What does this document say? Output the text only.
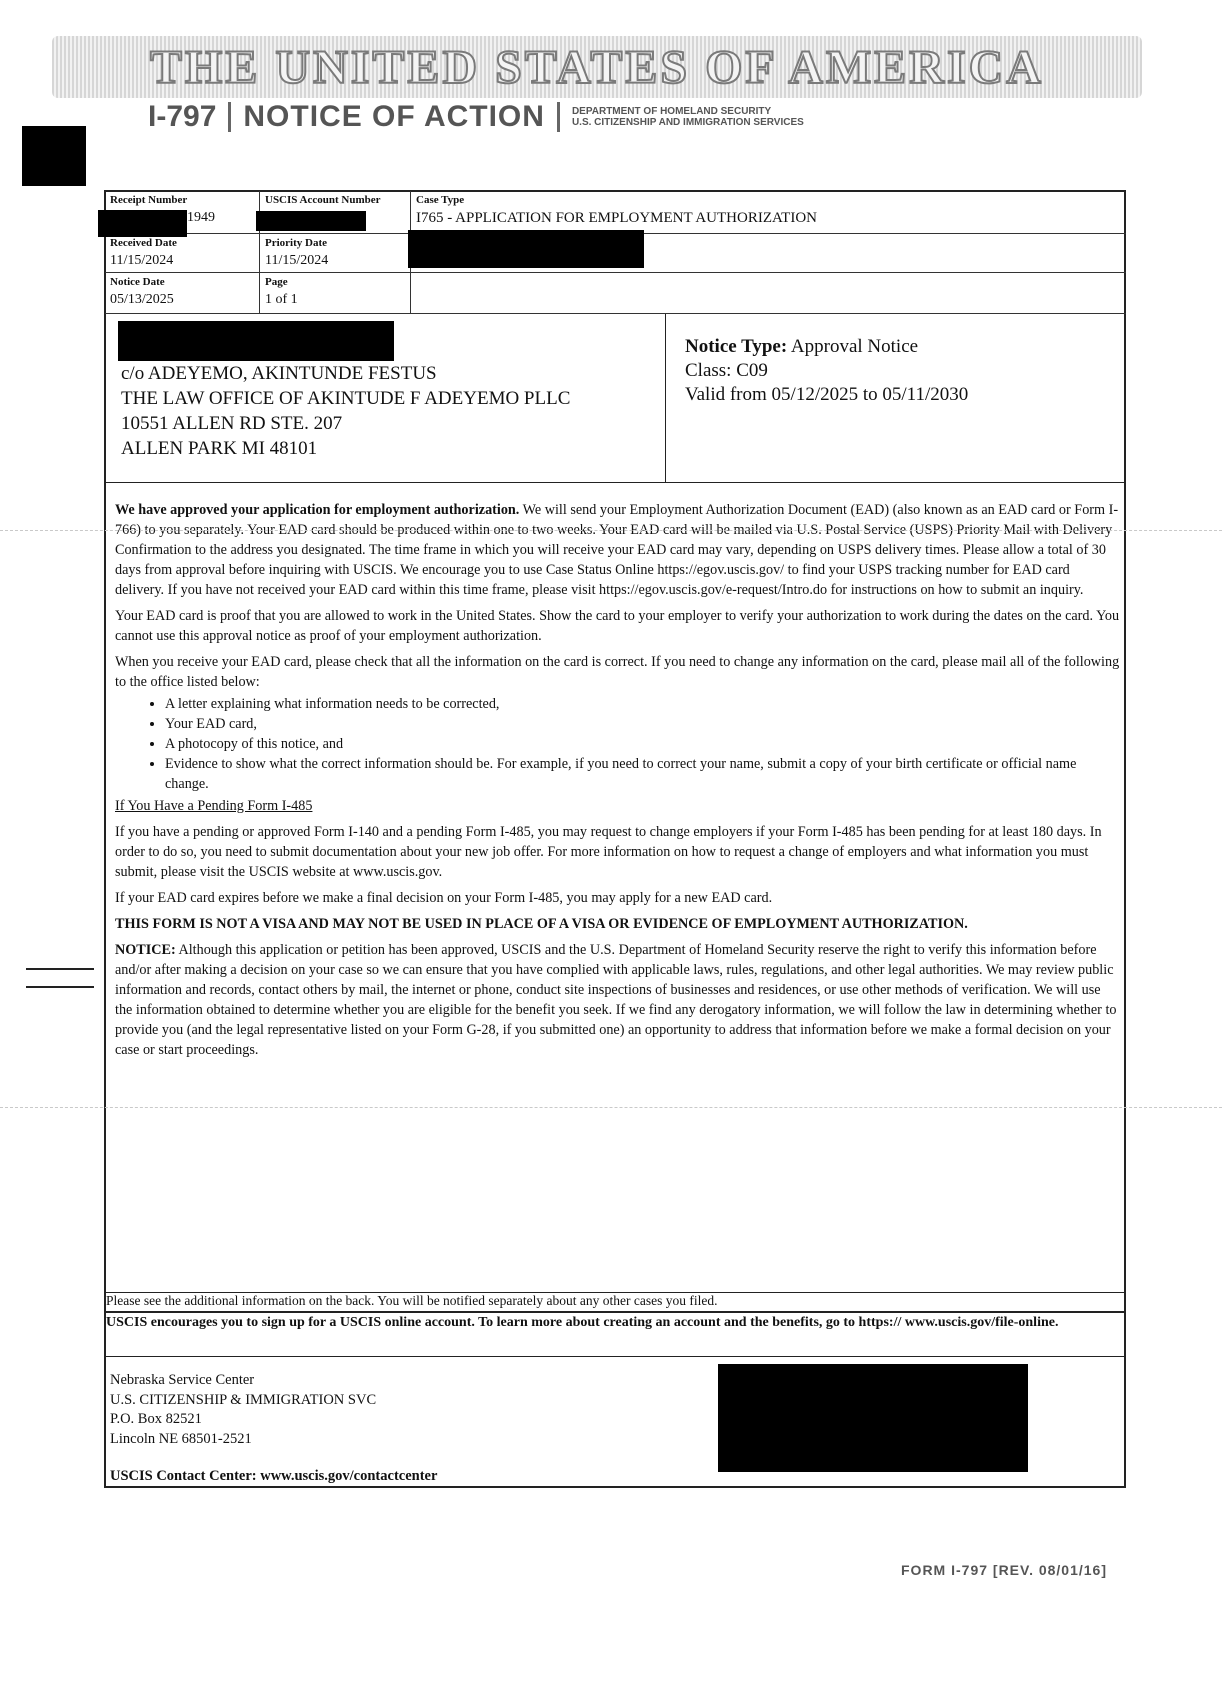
THE UNITED STATES OF AMERICA
I-797 NOTICE OF ACTION	DEPARTMENT OF HOMELAND SECURITY
U.S. CITIZENSHIP AND IMMIGRATION SERVICES
Receipt Number
1949
USCIS Account Number	Case Type
I765 - APPLICATION FOR EMPLOYMENT AUTHORIZATION
Received Date
11/15/2024
Priority Date
11/15/2024
Notice Date
05/13/2025
Page
1 of 1
c/o ADEYEMO, AKINTUNDE FESTUS
THE LAW OFFICE OF AKINTUDE F ADEYEMO PLLC
10551 ALLEN RD STE. 207
ALLEN PARK MI 48101
Notice Type: Approval Notice
Class: C09
Valid from 05/12/2025 to 05/11/2030

We have approved your application for employment authorization. We will send your Employment Authorization Document (EAD) (also known as an EAD card or Form I-766) to you separately. Your EAD card should be produced within one to two weeks. Your EAD card will be mailed via U.S. Postal Service (USPS) Priority Mail with Delivery Confirmation to the address you designated. The time frame in which you will receive your EAD card may vary, depending on USPS delivery times. Please allow a total of 30 days from approval before inquiring with USCIS. We encourage you to use Case Status Online https://egov.uscis.gov/ to find your USPS tracking number for EAD card delivery. If you have not received your EAD card within this time frame, please visit https://egov.uscis.gov/e-request/Intro.do for instructions on how to submit an inquiry.

Your EAD card is proof that you are allowed to work in the United States. Show the card to your employer to verify your authorization to work during the dates on the card. You cannot use this approval notice as proof of your employment authorization.

When you receive your EAD card, please check that all the information on the card is correct. If you need to change any information on the card, please mail all of the following to the office listed below:

• A letter explaining what information needs to be corrected,
• Your EAD card,
• A photocopy of this notice, and
• Evidence to show what the correct information should be. For example, if you need to correct your name, submit a copy of your birth certificate or official name change.

If You Have a Pending Form I-485

If you have a pending or approved Form I-140 and a pending Form I-485, you may request to change employers if your Form I-485 has been pending for at least 180 days. In order to do so, you need to submit documentation about your new job offer. For more information on how to request a change of employers and what information you must submit, please visit the USCIS website at www.uscis.gov.

If your EAD card expires before we make a final decision on your Form I-485, you may apply for a new EAD card.

THIS FORM IS NOT A VISA AND MAY NOT BE USED IN PLACE OF A VISA OR EVIDENCE OF EMPLOYMENT AUTHORIZATION.

NOTICE: Although this application or petition has been approved, USCIS and the U.S. Department of Homeland Security reserve the right to verify this information before and/or after making a decision on your case so we can ensure that you have complied with applicable laws, rules, regulations, and other legal authorities. We may review public information and records, contact others by mail, the internet or phone, conduct site inspections of businesses and residences, or use other methods of verification. We will use the information obtained to determine whether you are eligible for the benefit you seek. If we find any derogatory information, we will follow the law in determining whether to provide you (and the legal representative listed on your Form G-28, if you submitted one) an opportunity to address that information before we make a formal decision on your case or start proceedings.

Please see the additional information on the back. You will be notified separately about any other cases you filed.
USCIS encourages you to sign up for a USCIS online account. To learn more about creating an account and the benefits, go to https:// www.uscis.gov/file-online.
Nebraska Service Center
U.S. CITIZENSHIP & IMMIGRATION SVC
P.O. Box 82521
Lincoln NE 68501-2521
USCIS Contact Center: www.uscis.gov/contactcenter
FORM I-797 [REV. 08/01/16]
